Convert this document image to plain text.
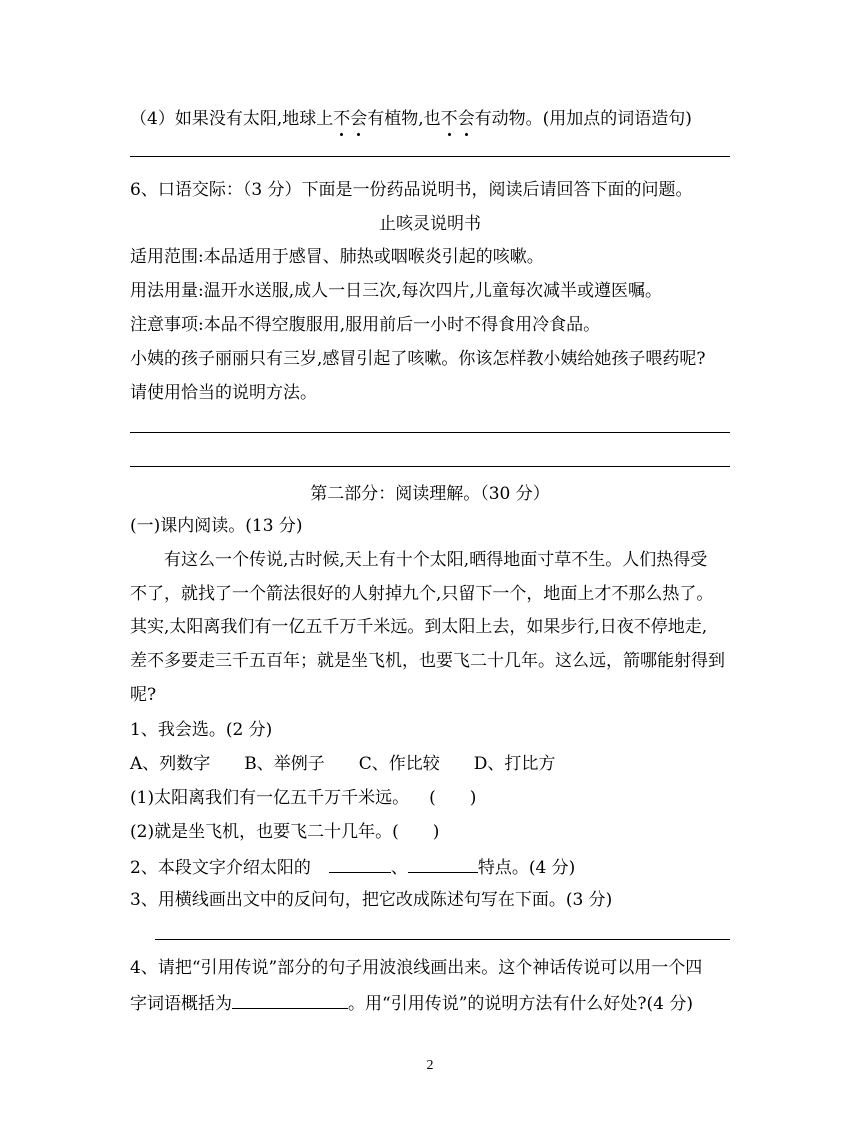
（4）如果没有太阳,地球上不会有植物,也不会有动物。(用加点的词语造句)
6、口语交际：（3 分）下面是一份药品说明书，阅读后请回答下面的问题。
止咳灵说明书
适用范围:本品适用于感冒、肺热或咽喉炎引起的咳嗽。
用法用量:温开水送服,成人一日三次,每次四片,儿童每次减半或遵医嘱。
注意事项:本品不得空腹服用,服用前后一小时不得食用冷食品。
小姨的孩子丽丽只有三岁,感冒引起了咳嗽。你该怎样教小姨给她孩子喂药呢?
请使用恰当的说明方法。
第二部分：阅读理解。（30 分）
(一)课内阅读。(13 分)
　　有这么一个传说,古时候,天上有十个太阳,晒得地面寸草不生。人们热得受
不了，就找了一个箭法很好的人射掉九个,只留下一个，地面上才不那么热了。
其实,太阳离我们有一亿五千万千米远。到太阳上去，如果步行,日夜不停地走,
差不多要走三千五百年；就是坐飞机，也要飞二十几年。这么远，箭哪能射得到
呢?
1、我会选。(2 分)
A、列数字　　B、举例子　　C、作比较　　D、打比方
(1)太阳离我们有一亿五千万千米远。 (　　)
(2)就是坐飞机，也要飞二十几年。(　　)
2、本段文字介绍太阳的	、	特点。(4 分)
3、用横线画出文中的反问句，把它改成陈述句写在下面。(3 分)
4、请把“引用传说”部分的句子用波浪线画出来。这个神话传说可以用一个四
字词语概括为	。用“引用传说”的说明方法有什么好处?(4 分)
2
